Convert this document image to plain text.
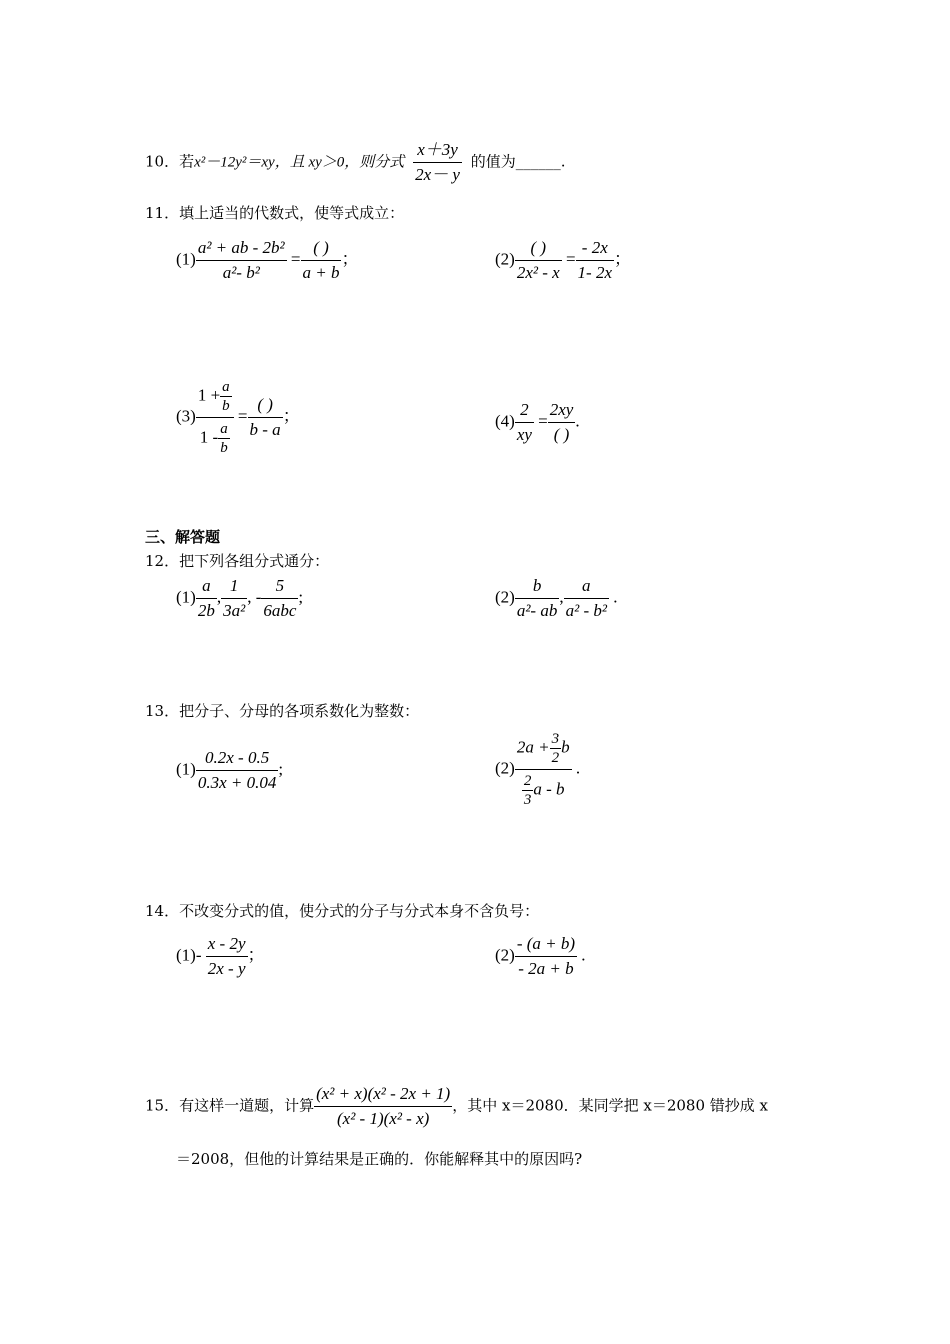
10．若x²－12y²＝xy，且 xy＞0，则分式 $\frac{x+3y}{2x- y}$ 的值为______.
11．填上适当的代数式，使等式成立：
$(1) \frac{\text{a² + ab - 2b²}}{\text{a²- b²}} = \frac{( )}{a + b}$ ；	$(2) \frac{( )}{\text{2x² - x}} = \frac{- 2x}{1- 2x}$ ；
$(3) \frac{1 + \frac{a}{b}}{1 - \frac{a}{b}} = \frac{( )}{b - a}$ ；	$(4) \frac{2}{xy} = \frac{2xy}{( )}$ .
三、解答题
12．把下列各组分式通分：
$(1) \frac{a}{2b}$ , $\frac{1}{\text{3a²}}$ , - $\frac{5}{\text{6abc}}$ ;	$(2) \frac{b}{\text{a²- ab}}$ , $\frac{a}{\text{a² - b²}}$ .
13．把分子、分母的各项系数化为整数：
$(1) \frac{0.2x - 0.5}{0.3x + 0.04}$ ;	$(2) \frac{2a + \frac{3}{2} b}{\frac{2}{3} a - b}$ .
14．不改变分式的值，使分式的分子与分式本身不含负号：
$(1)- \frac{x - 2y}{2x - y}$ ；	$(2) \frac{- (a + b)}{- 2a + b}$ .
15．有这样一道题，计算 $\frac{\text{(x² + x)(x² - 2x + 1)}}{\text{(x² - 1)(x² - x)}}$ ，其中 x＝2080．某同学把 x＝2080 错抄成 x
＝2008，但他的计算结果是正确的．你能解释其中的原因吗?
